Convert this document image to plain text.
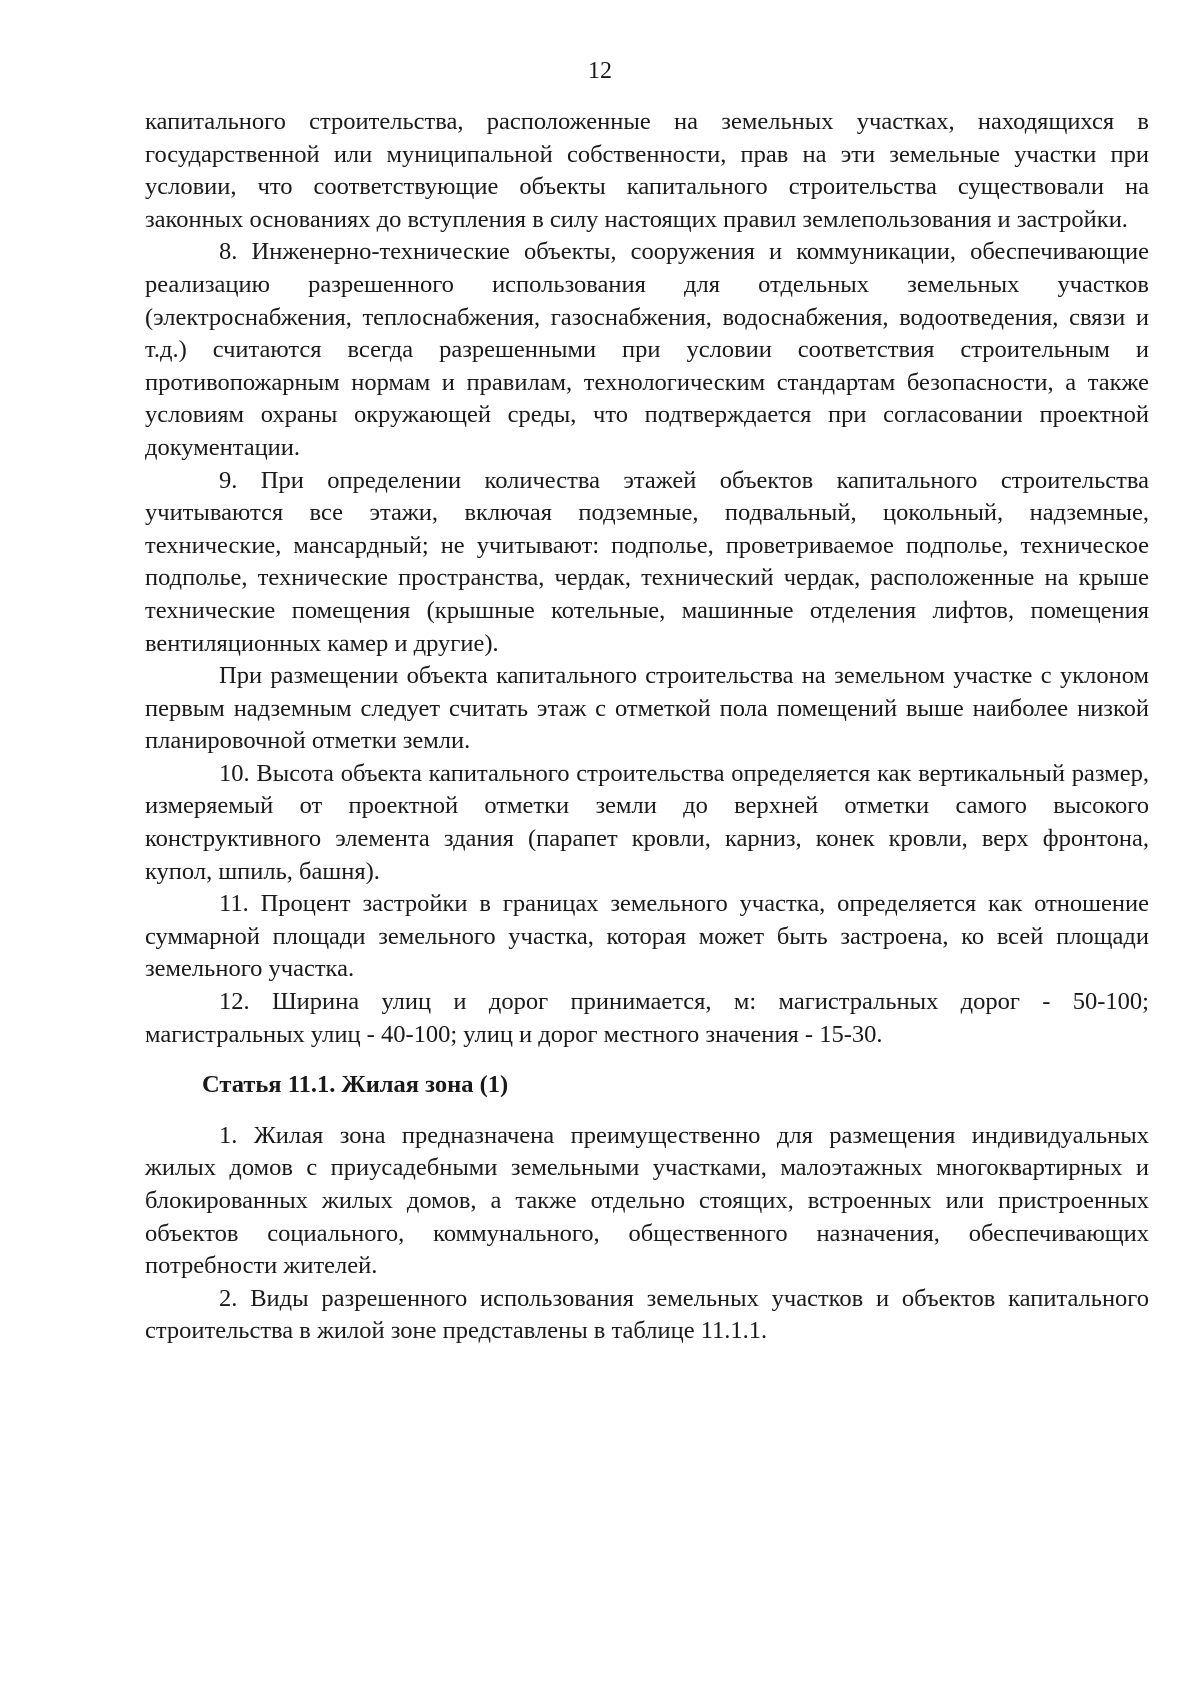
12

капитального строительства, расположенные на земельных участках, находящихся в государственной или муниципальной собственности, прав на эти земельные участки при условии, что соответствующие объекты капитального строительства существовали на законных основаниях до вступления в силу настоящих правил землепользования и застройки.

8. Инженерно-технические объекты, сооружения и коммуникации, обеспечивающие реализацию разрешенного использования для отдельных земельных участков (электроснабжения, теплоснабжения, газоснабжения, водоснабжения, водоотведения, связи и т.д.) считаются всегда разрешенными при условии соответствия строительным и противопожарным нормам и правилам, технологическим стандартам безопасности, а также условиям охраны окружающей среды, что подтверждается при согласовании проектной документации.

9. При определении количества этажей объектов капитального строительства учитываются все этажи, включая подземные, подвальный, цокольный, надземные, технические, мансардный; не учитывают: подполье, проветриваемое подполье, техническое подполье, технические пространства, чердак, технический чердак, расположенные на крыше технические помещения (крышные котельные, машинные отделения лифтов, помещения вентиляционных камер и другие).

При размещении объекта капитального строительства на земельном участке с уклоном первым надземным следует считать этаж с отметкой пола помещений выше наиболее низкой планировочной отметки земли.

10. Высота объекта капитального строительства определяется как вертикальный размер, измеряемый от проектной отметки земли до верхней отметки самого высокого конструктивного элемента здания (парапет кровли, карниз, конек кровли, верх фронтона, купол, шпиль, башня).

11. Процент застройки в границах земельного участка, определяется как отношение суммарной площади земельного участка, которая может быть застроена, ко всей площади земельного участка.

12. Ширина улиц и дорог принимается, м: магистральных дорог - 50-100; магистральных улиц - 40-100; улиц и дорог местного значения - 15-30.

Статья 11.1. Жилая зона (1)

1. Жилая зона предназначена преимущественно для размещения индивидуальных жилых домов с приусадебными земельными участками, малоэтажных многоквартирных и блокированных жилых домов, а также отдельно стоящих, встроенных или пристроенных объектов социального, коммунального, общественного назначения, обеспечивающих потребности жителей.

2. Виды разрешенного использования земельных участков и объектов капитального строительства в жилой зоне представлены в таблице 11.1.1.
